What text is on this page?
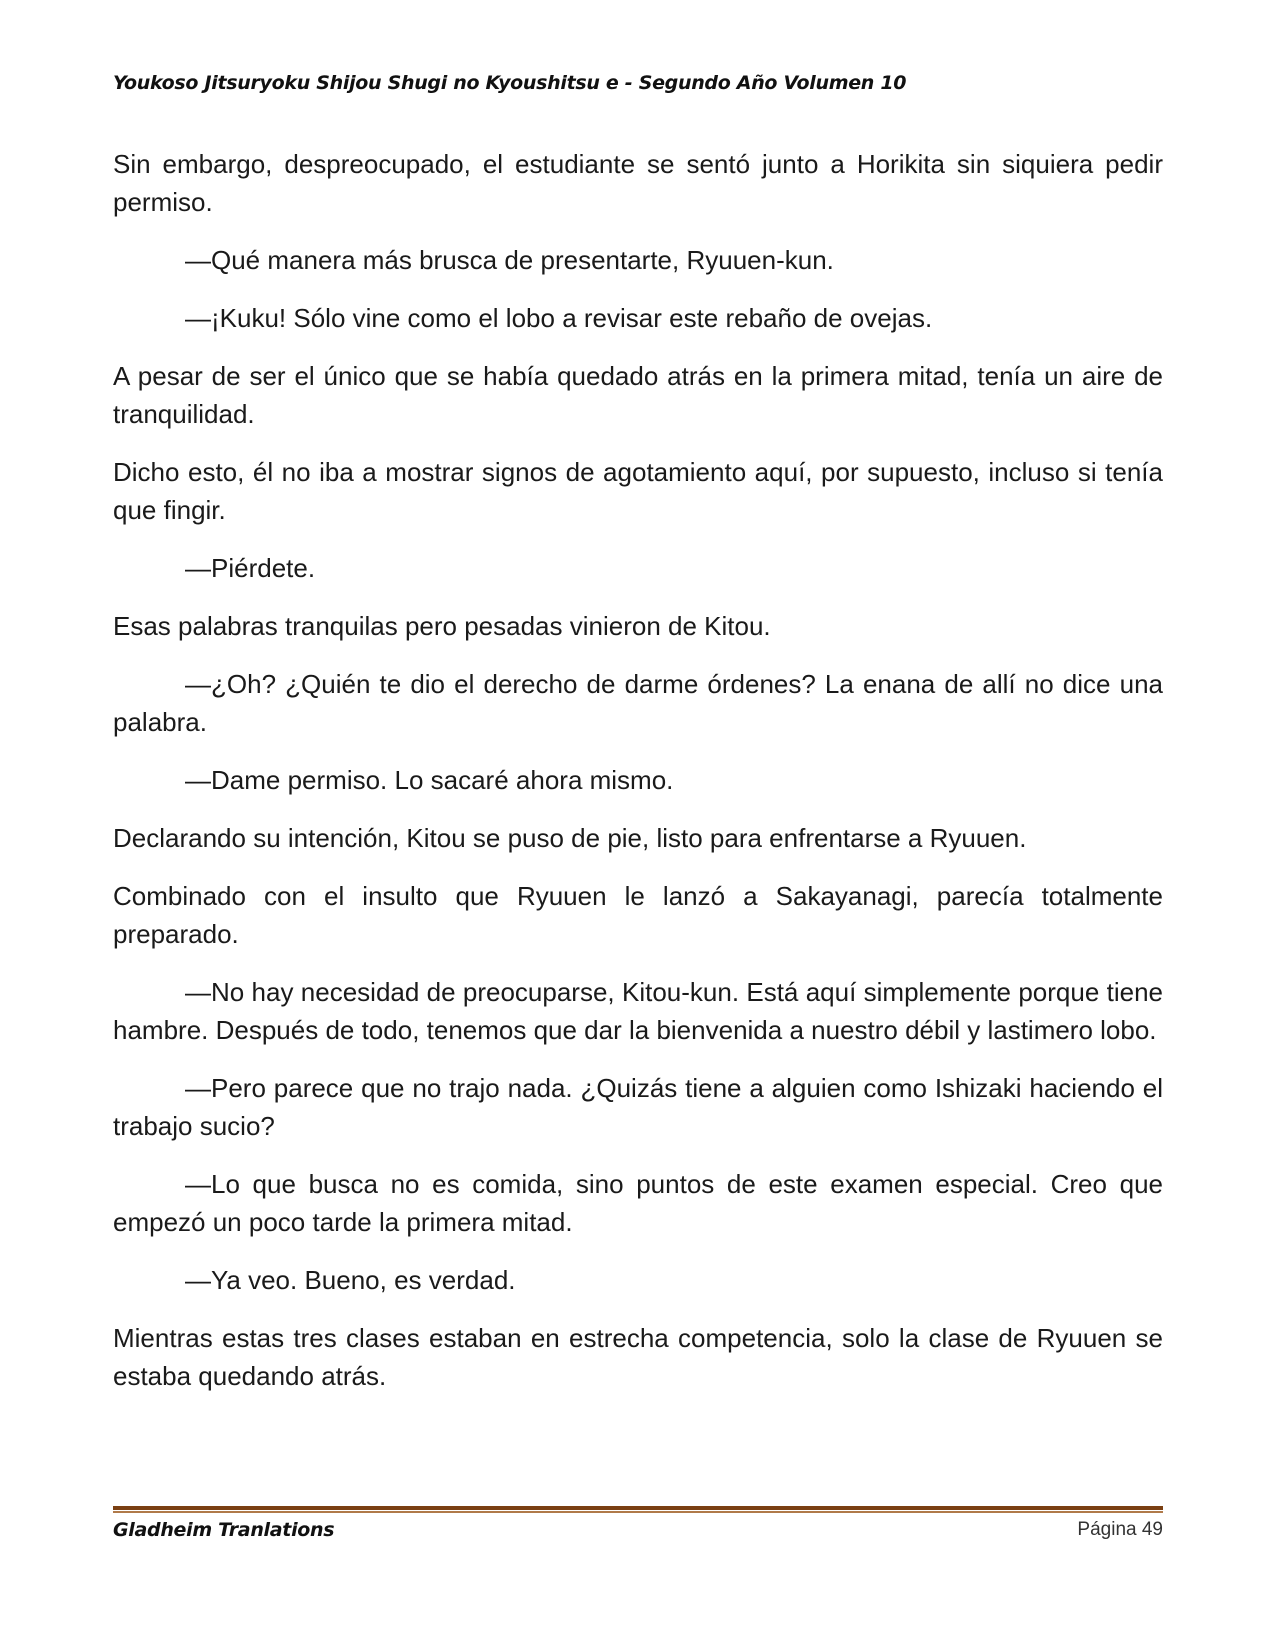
Youkoso Jitsuryoku Shijou Shugi no Kyoushitsu e - Segundo Año Volumen 10

Sin embargo, despreocupado, el estudiante se sentó junto a Horikita sin siquiera pedir permiso.

—Qué manera más brusca de presentarte, Ryuuen-kun.

—¡Kuku! Sólo vine como el lobo a revisar este rebaño de ovejas.

A pesar de ser el único que se había quedado atrás en la primera mitad, tenía un aire de tranquilidad.

Dicho esto, él no iba a mostrar signos de agotamiento aquí, por supuesto, incluso si tenía que fingir.

—Piérdete.

Esas palabras tranquilas pero pesadas vinieron de Kitou.

—¿Oh? ¿Quién te dio el derecho de darme órdenes? La enana de allí no dice una palabra.

—Dame permiso. Lo sacaré ahora mismo.

Declarando su intención, Kitou se puso de pie, listo para enfrentarse a Ryuuen.

Combinado con el insulto que Ryuuen le lanzó a Sakayanagi, parecía totalmente preparado.

—No hay necesidad de preocuparse, Kitou-kun. Está aquí simplemente porque tiene hambre. Después de todo, tenemos que dar la bienvenida a nuestro débil y lastimero lobo.

—Pero parece que no trajo nada. ¿Quizás tiene a alguien como Ishizaki haciendo el trabajo sucio?

—Lo que busca no es comida, sino puntos de este examen especial. Creo que empezó un poco tarde la primera mitad.

—Ya veo. Bueno, es verdad.

Mientras estas tres clases estaban en estrecha competencia, solo la clase de Ryuuen se estaba quedando atrás.

Gladheim Tranlations	Página 49
